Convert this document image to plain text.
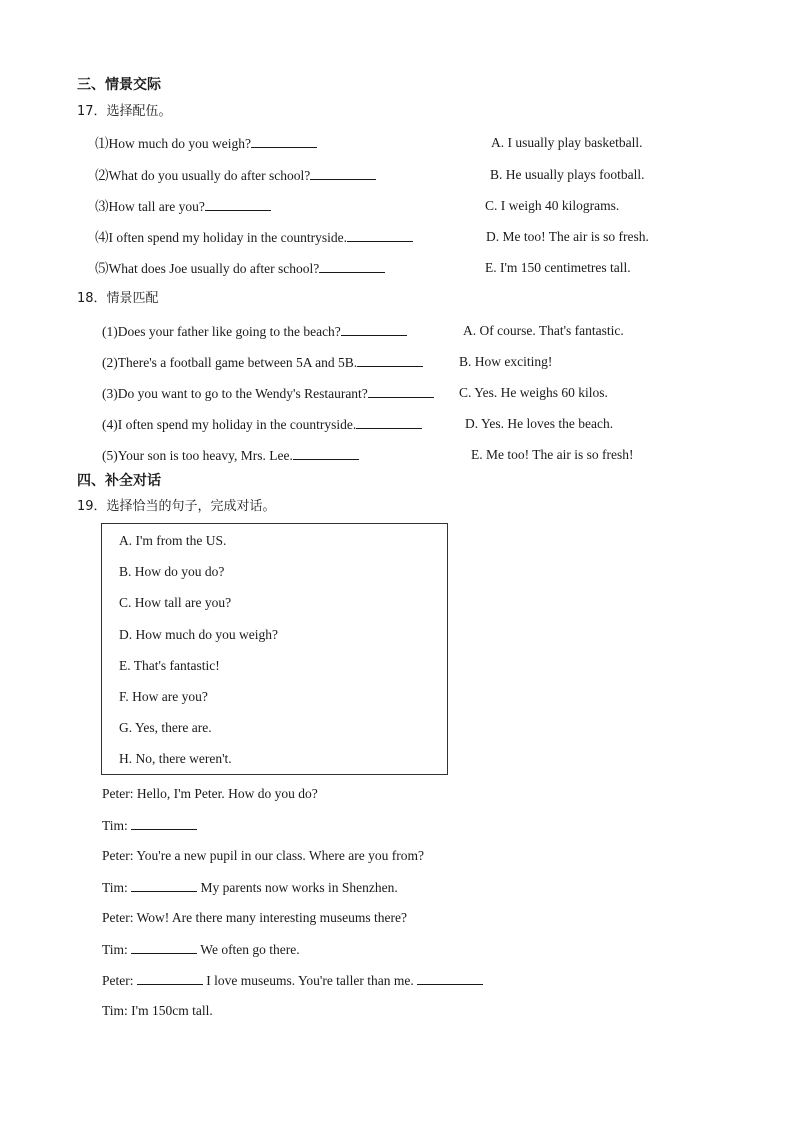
三、情景交际
17．选择配伍。
⑴How much do you weigh?
⑵What do you usually do after school?
⑶How tall are you?
⑷I often spend my holiday in the countryside.
⑸What does Joe usually do after school?
A. I usually play basketball.
B. He usually plays football.
C. I weigh 40 kilograms.
D. Me too! The air is so fresh.
E. I'm 150 centimetres tall.
18．情景匹配
(1)Does your father like going to the beach?
(2)There's a football game between 5A and 5B.
(3)Do you want to go to the Wendy's Restaurant?
(4)I often spend my holiday in the countryside.
(5)Your son is too heavy, Mrs. Lee.
A. Of course. That's fantastic.
B. How exciting!
C. Yes. He weighs 60 kilos.
D. Yes. He loves the beach.
E. Me too! The air is so fresh!
四、补全对话
19．选择恰当的句子，完成对话。
A. I'm from the US.
B. How do you do?
C. How tall are you?
D. How much do you weigh?
E. That's fantastic!
F. How are you?
G. Yes, there are.
H. No, there weren't.
Peter: Hello, I'm Peter. How do you do?
Tim:
Peter: You're a new pupil in our class. Where are you from?
Tim:	My parents now works in Shenzhen.
Peter: Wow! Are there many interesting museums there?
Tim:	We often go there.
Peter:	I love museums. You're taller than me.
Tim: I'm 150cm tall.
